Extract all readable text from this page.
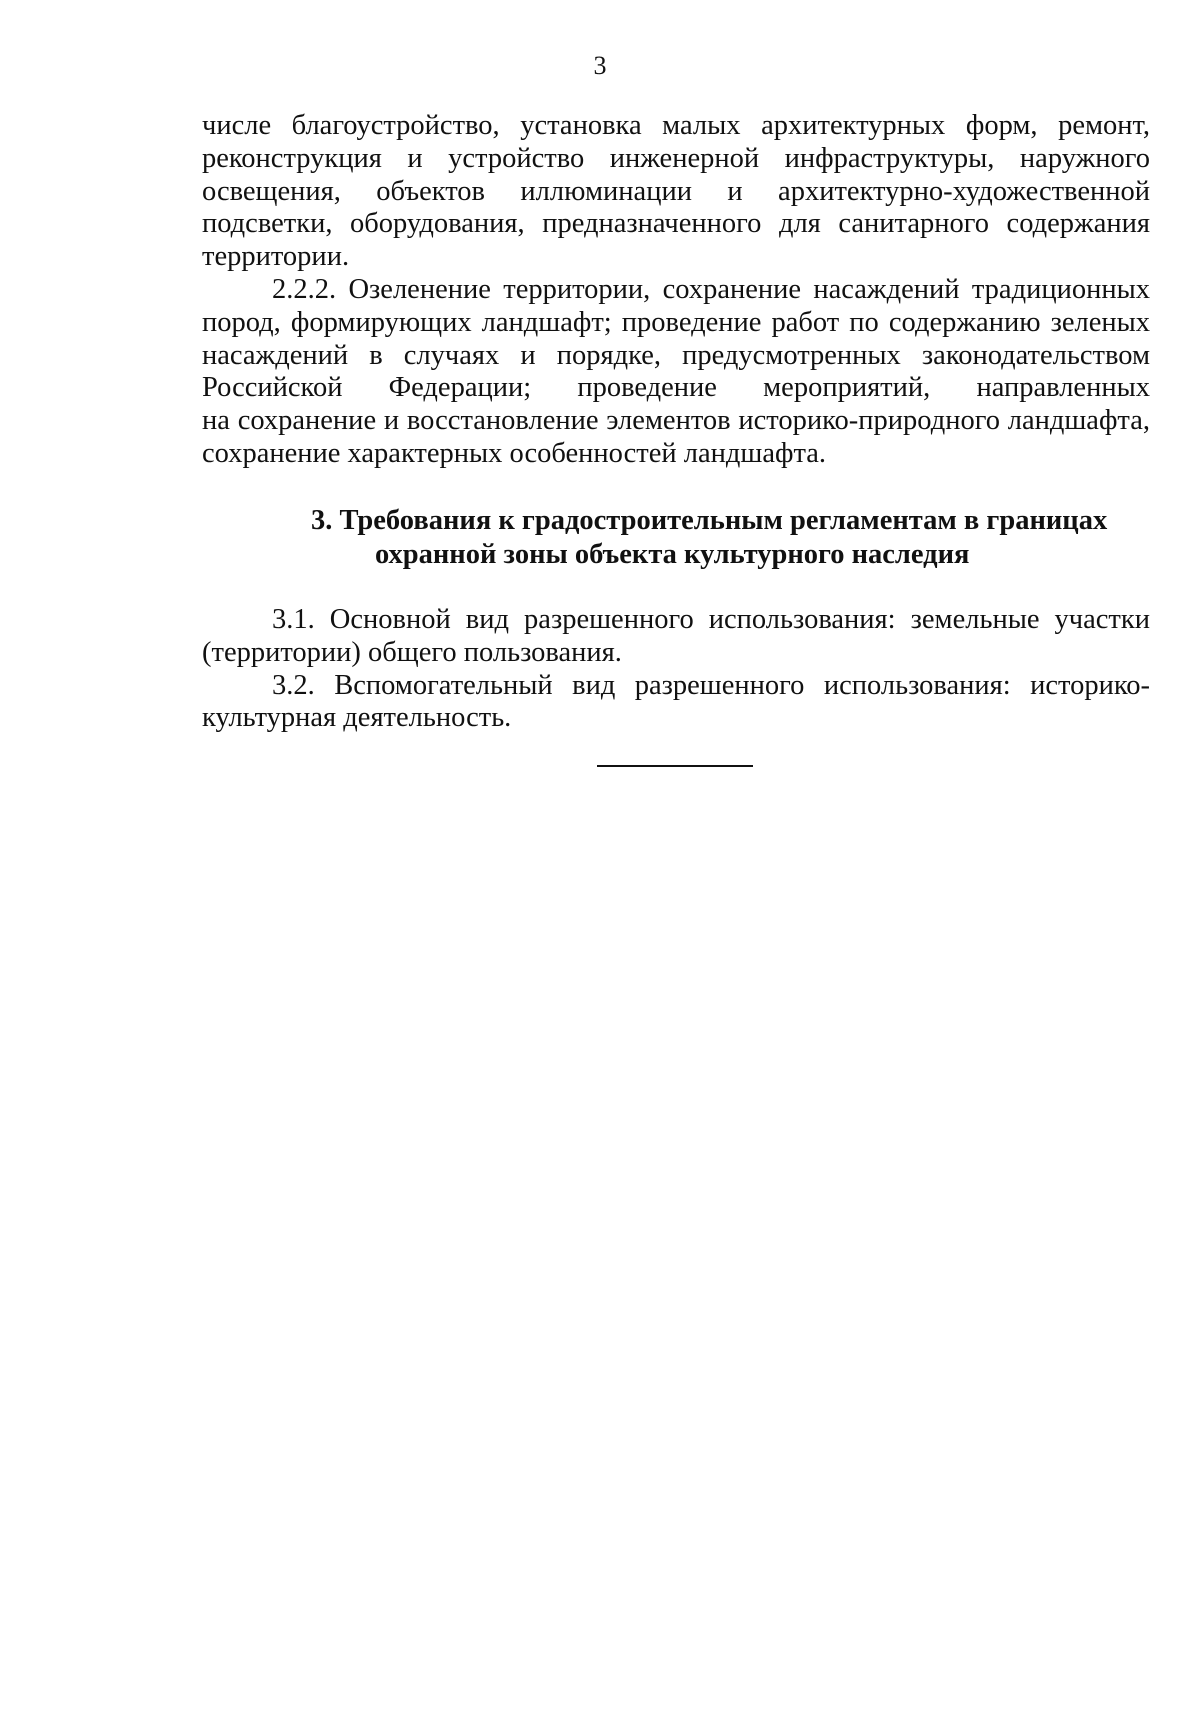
3
числе благоустройство, установка малых архитектурных форм, ремонт,
реконструкция и устройство инженерной инфраструктуры, наружного
освещения, объектов иллюминации и архитектурно-художественной
подсветки, оборудования, предназначенного для санитарного содержания
территории.
2.2.2. Озеленение территории, сохранение насаждений традиционных
пород, формирующих ландшафт; проведение работ по содержанию зеленых
насаждений в случаях и порядке, предусмотренных законодательством
Российской Федерации; проведение мероприятий, направленных
на сохранение и восстановление элементов историко-природного ландшафта,
сохранение характерных особенностей ландшафта.
3. Требования к градостроительным регламентам в границах
охранной зоны объекта культурного наследия
3.1. Основной вид разрешенного использования: земельные участки
(территории) общего пользования.
3.2. Вспомогательный вид разрешенного использования: историко-
культурная деятельность.
